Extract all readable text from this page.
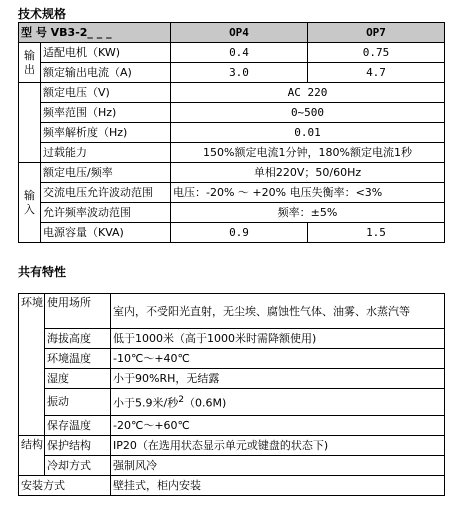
技术规格
型 号 VB3-2_ _ _		OP4	OP7
输出	适配电机（KW)	0.4	0.75
	额定输出电流（A)	3.0	4.7
	额定电压（V)	AC 220	
	频率范围（Hz)	0~500	
	频率解析度（Hz)	0.01	
	过载能力	150%额定电流1分钟，180%额定电流1秒	
输入	额定电压/频率	单相220V；50/60Hz	
	交流电压允许波动范围	电压：-20% ～ +20% 电压失衡率：<3%	
	允许频率波动范围	频率：±5%	
	电源容量（KVA)	0.9	1.5
共有特性
环境	使用场所	室内，不受阳光直射，无尘埃、腐蚀性气体、油雾、水蒸汽等
	海拔高度	低于1000米（高于1000米时需降额使用)
	环境温度	-10℃～+40℃
	湿度	小于90%RH，无结露
	振动	小于5.9米/秒$^2$（0.6M)
	保存温度	-20℃～+60℃
结构	保护结构	IP20（在选用状态显示单元或键盘的状态下)
	冷却方式	强制风冷
安装方式		壁挂式，柜内安装
